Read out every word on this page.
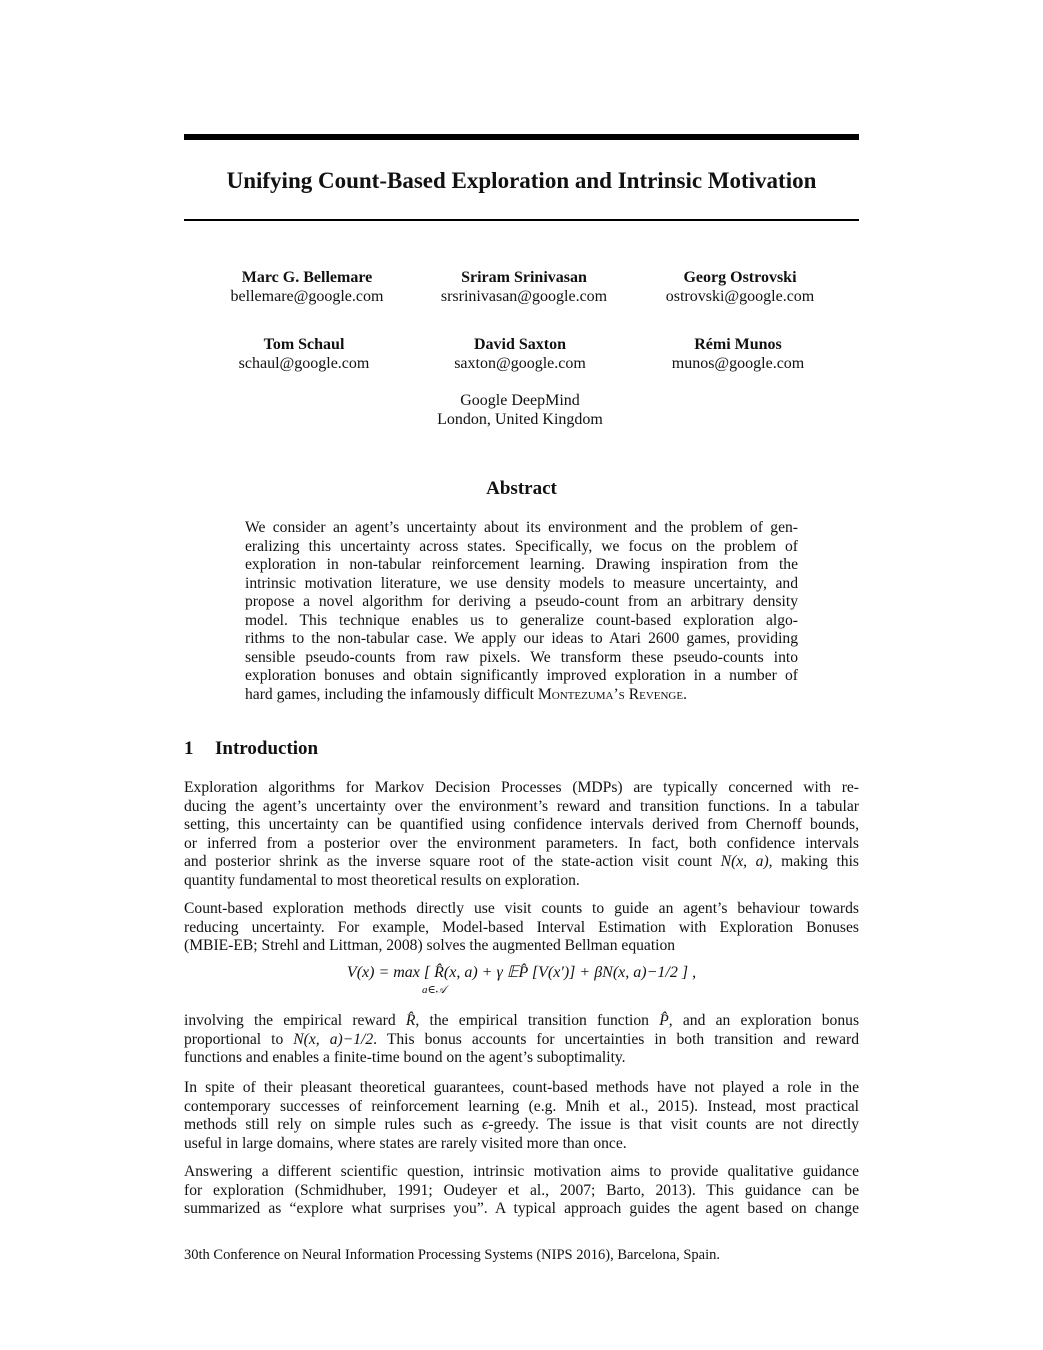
Unifying Count-Based Exploration and Intrinsic Motivation
Marc G. Bellemare
bellemare@google.com
Sriram Srinivasan
srsrinivasan@google.com
Georg Ostrovski
ostrovski@google.com
Tom Schaul
schaul@google.com
David Saxton
saxton@google.com
Rémi Munos
munos@google.com
Google DeepMind
London, United Kingdom
Abstract
We consider an agent’s uncertainty about its environment and the problem of gen-
eralizing this uncertainty across states. Specifically, we focus on the problem of
exploration in non-tabular reinforcement learning. Drawing inspiration from the
intrinsic motivation literature, we use density models to measure uncertainty, and
propose a novel algorithm for deriving a pseudo-count from an arbitrary density
model. This technique enables us to generalize count-based exploration algo-
rithms to the non-tabular case. We apply our ideas to Atari 2600 games, providing
sensible pseudo-counts from raw pixels. We transform these pseudo-counts into
exploration bonuses and obtain significantly improved exploration in a number of
hard games, including the infamously difficult Montezuma’s Revenge.
1 Introduction
Exploration algorithms for Markov Decision Processes (MDPs) are typically concerned with re-
ducing the agent’s uncertainty over the environment’s reward and transition functions. In a tabular
setting, this uncertainty can be quantified using confidence intervals derived from Chernoff bounds,
or inferred from a posterior over the environment parameters. In fact, both confidence intervals
and posterior shrink as the inverse square root of the state-action visit count N(x, a), making this
quantity fundamental to most theoretical results on exploration.
Count-based exploration methods directly use visit counts to guide an agent’s behaviour towards
reducing uncertainty. For example, Model-based Interval Estimation with Exploration Bonuses
(MBIE-EB; Strehl and Littman, 2008) solves the augmented Bellman equation
V(x) = max [ R̂(x, a) + γ 𝔼P̂ [V(x′)] + βN(x, a)−1/2 ] ,
a∈𝒜
involving the empirical reward R̂, the empirical transition function P̂, and an exploration bonus
proportional to N(x, a)−1/2. This bonus accounts for uncertainties in both transition and reward
functions and enables a finite-time bound on the agent’s suboptimality.
In spite of their pleasant theoretical guarantees, count-based methods have not played a role in the
contemporary successes of reinforcement learning (e.g. Mnih et al., 2015). Instead, most practical
methods still rely on simple rules such as ϵ-greedy. The issue is that visit counts are not directly
useful in large domains, where states are rarely visited more than once.
Answering a different scientific question, intrinsic motivation aims to provide qualitative guidance
for exploration (Schmidhuber, 1991; Oudeyer et al., 2007; Barto, 2013). This guidance can be
summarized as “explore what surprises you”. A typical approach guides the agent based on change
30th Conference on Neural Information Processing Systems (NIPS 2016), Barcelona, Spain.
